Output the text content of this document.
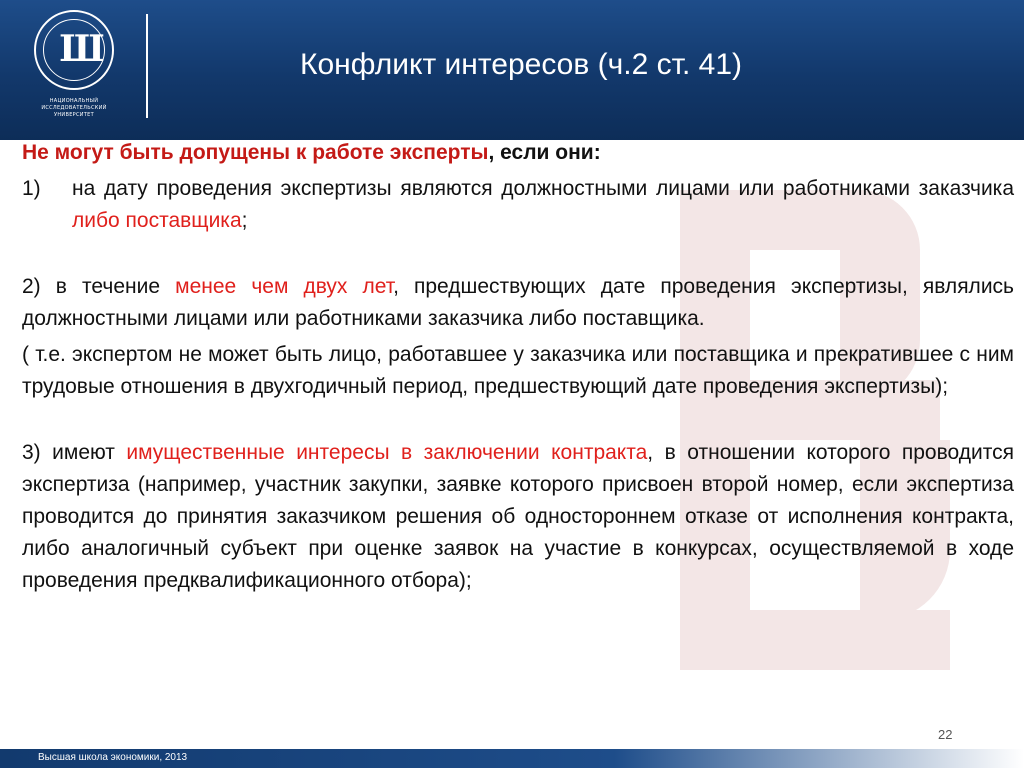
Ш
НАЦИОНАЛЬНЫЙ ИССЛЕДОВАТЕЛЬСКИЙ УНИВЕРСИТЕТ
Конфликт интересов (ч.2 ст. 41)

Не могут быть допущены к работе эксперты, если они:

1)	на дату проведения экспертизы являются должностными лицами или работниками заказчика либо поставщика;

2) в течение менее чем двух лет, предшествующих дате проведения экспертизы, являлись должностными лицами или работниками заказчика либо поставщика.

( т.е. экспертом не может быть лицо, работавшее у заказчика или поставщика и прекратившее с ним трудовые отношения в двухгодичный период, предшествующий дате проведения экспертизы);

3) имеют имущественные интересы в заключении контракта, в отношении которого проводится экспертиза (например, участник закупки, заявке которого присвоен второй номер, если экспертиза проводится до принятия заказчиком решения об одностороннем отказе от исполнения контракта, либо аналогичный субъект при оценке заявок на участие в конкурсах, осуществляемой в ходе проведения предквалификационного отбора);

22
Высшая школа экономики, 2013
